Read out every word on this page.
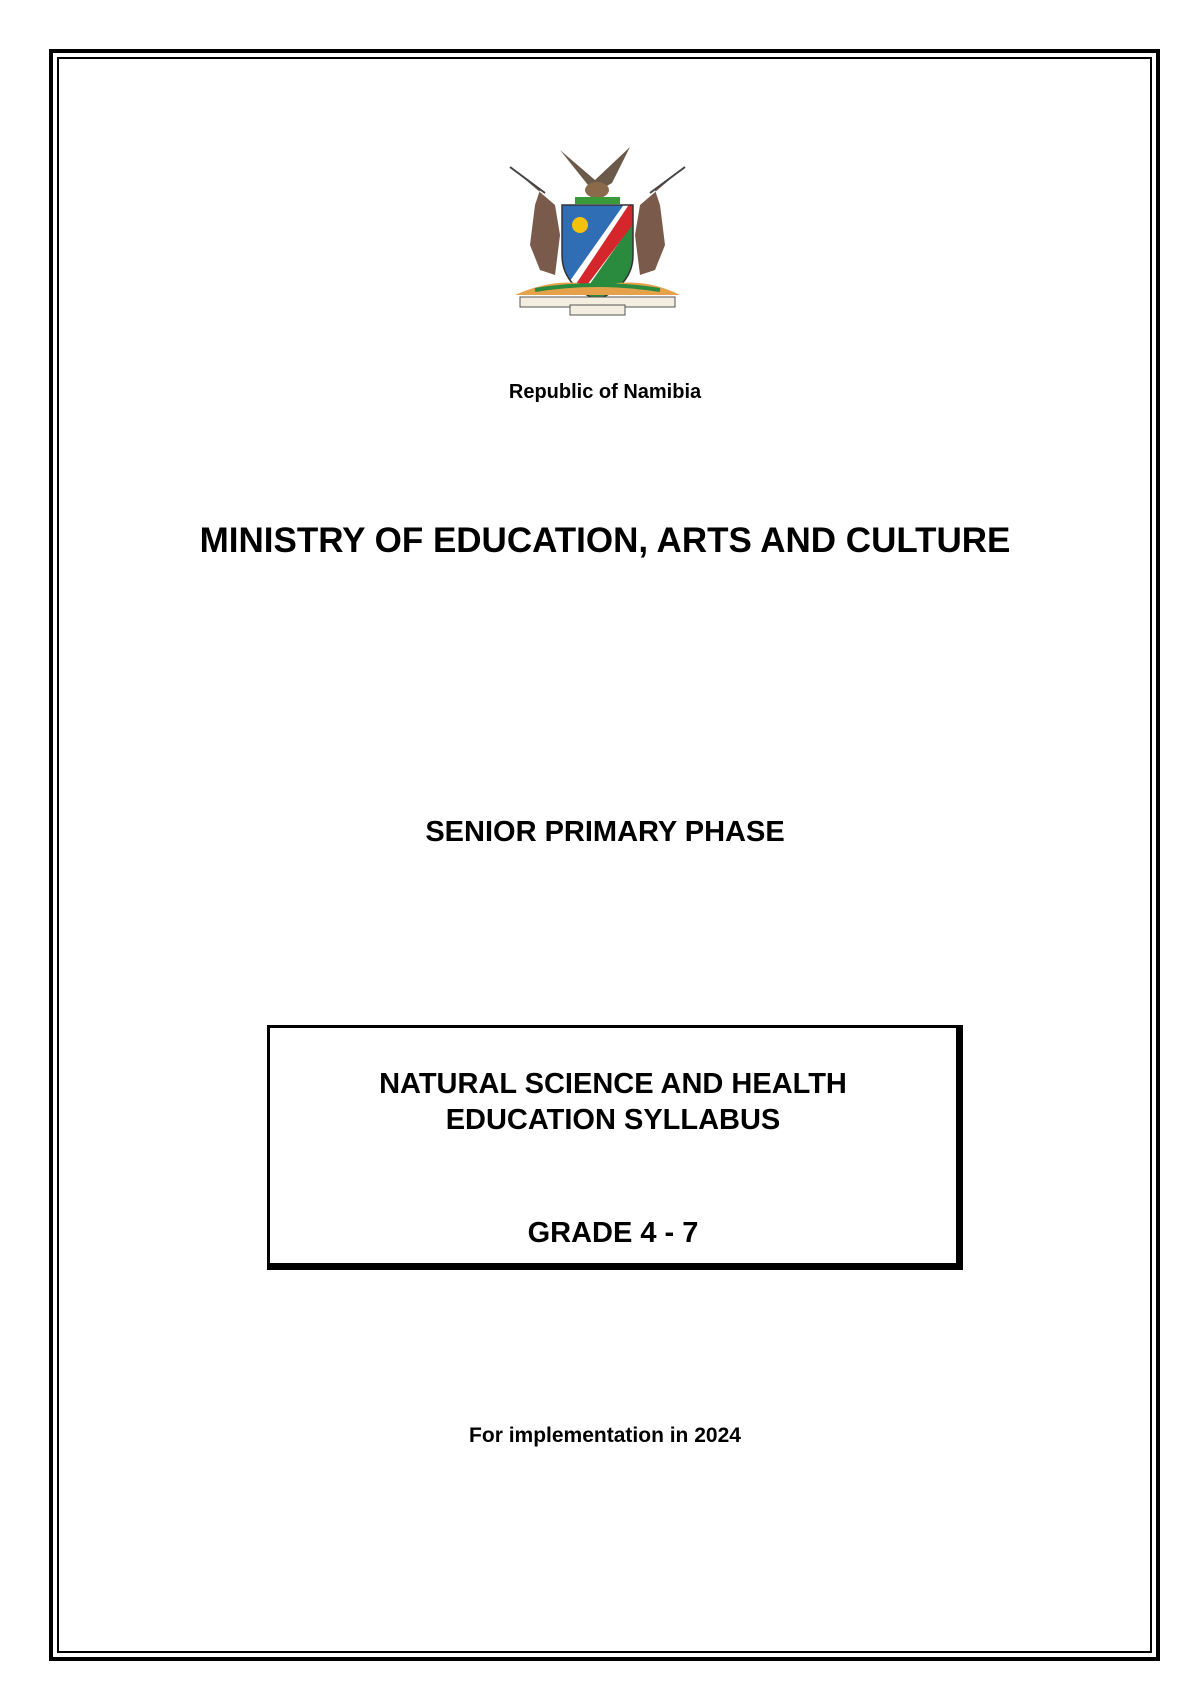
Republic of Namibia
MINISTRY OF EDUCATION, ARTS AND CULTURE
SENIOR PRIMARY PHASE
NATURAL SCIENCE AND HEALTH
EDUCATION SYLLABUS
GRADE 4 - 7
For implementation in 2024
